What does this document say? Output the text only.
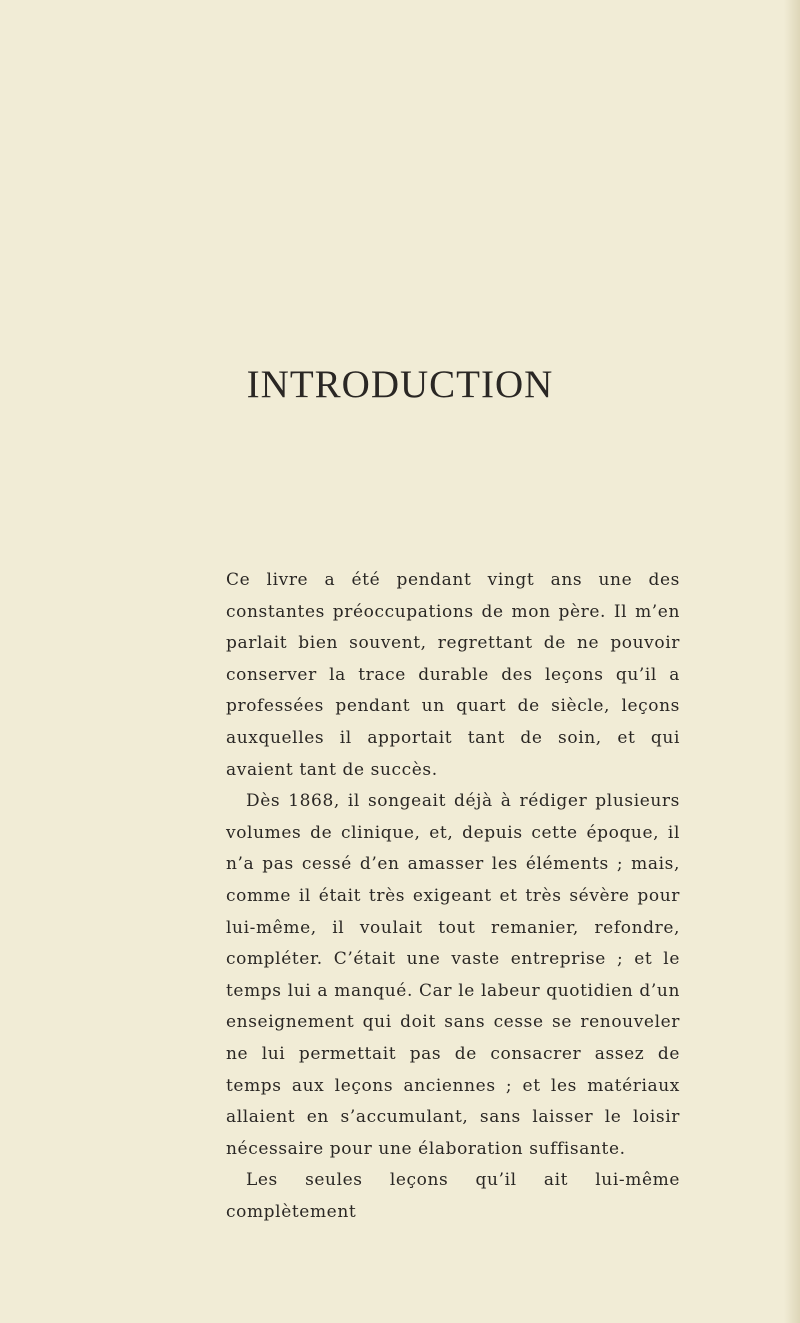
INTRODUCTION

Ce livre a été pendant vingt ans une des constantes préoccupations de mon père. Il m’en parlait bien souvent, regrettant de ne pouvoir conserver la trace durable des leçons qu’il a professées pendant un quart de siècle, leçons auxquelles il apportait tant de soin, et qui avaient tant de succès.

Dès 1868, il songeait déjà à rédiger plusieurs volumes de clinique, et, depuis cette époque, il n’a pas cessé d’en amasser les éléments ; mais, comme il était très exigeant et très sévère pour lui-même, il voulait tout remanier, refondre, compléter. C’était une vaste entreprise ; et le temps lui a manqué. Car le labeur quotidien d’un enseignement qui doit sans cesse se renouveler ne lui permettait pas de consacrer assez de temps aux leçons anciennes ; et les matériaux allaient en s’accumulant, sans laisser le loisir nécessaire pour une élaboration suffisante.

Les seules leçons qu’il ait lui-même complètement
